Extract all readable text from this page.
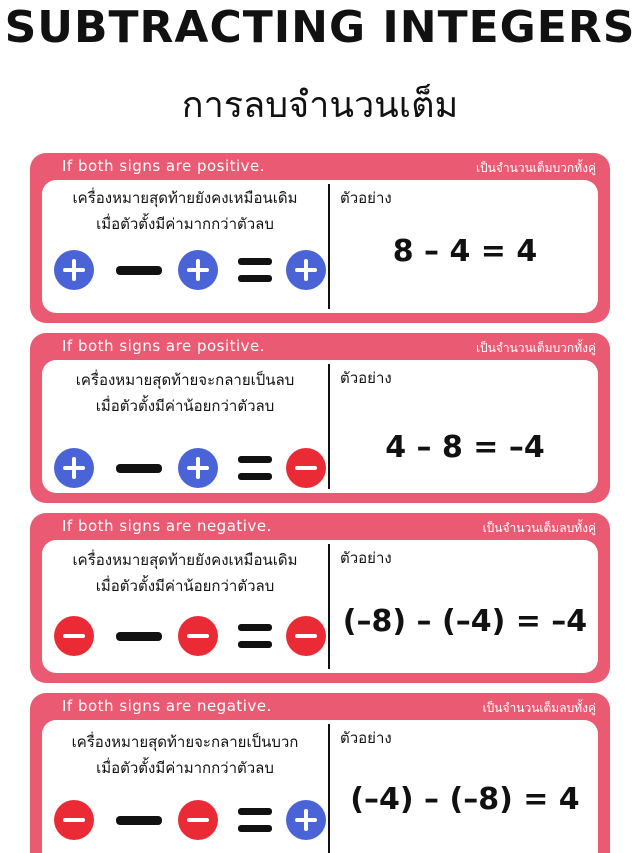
SUBTRACTING INTEGERS
การลบจำนวนเต็ม
If both signs are positive.	เป็นจำนวนเต็มบวกทั้งคู่
เครื่องหมายสุดท้ายยังคงเหมือนเดิม
เมื่อตัวตั้งมีค่ามากกว่าตัวลบ
ตัวอย่าง
8 – 4 = 4
If both signs are positive.	เป็นจำนวนเต็มบวกทั้งคู่
เครื่องหมายสุดท้ายจะกลายเป็นลบ
เมื่อตัวตั้งมีค่าน้อยกว่าตัวลบ
ตัวอย่าง
4 – 8 = –4
If both signs are negative.	เป็นจำนวนเต็มลบทั้งคู่
เครื่องหมายสุดท้ายยังคงเหมือนเดิม
เมื่อตัวตั้งมีค่าน้อยกว่าตัวลบ
ตัวอย่าง
(–8) – (–4) = –4
If both signs are negative.	เป็นจำนวนเต็มลบทั้งคู่
เครื่องหมายสุดท้ายจะกลายเป็นบวก
เมื่อตัวตั้งมีค่ามากกว่าตัวลบ
ตัวอย่าง
(–4) – (–8) = 4
